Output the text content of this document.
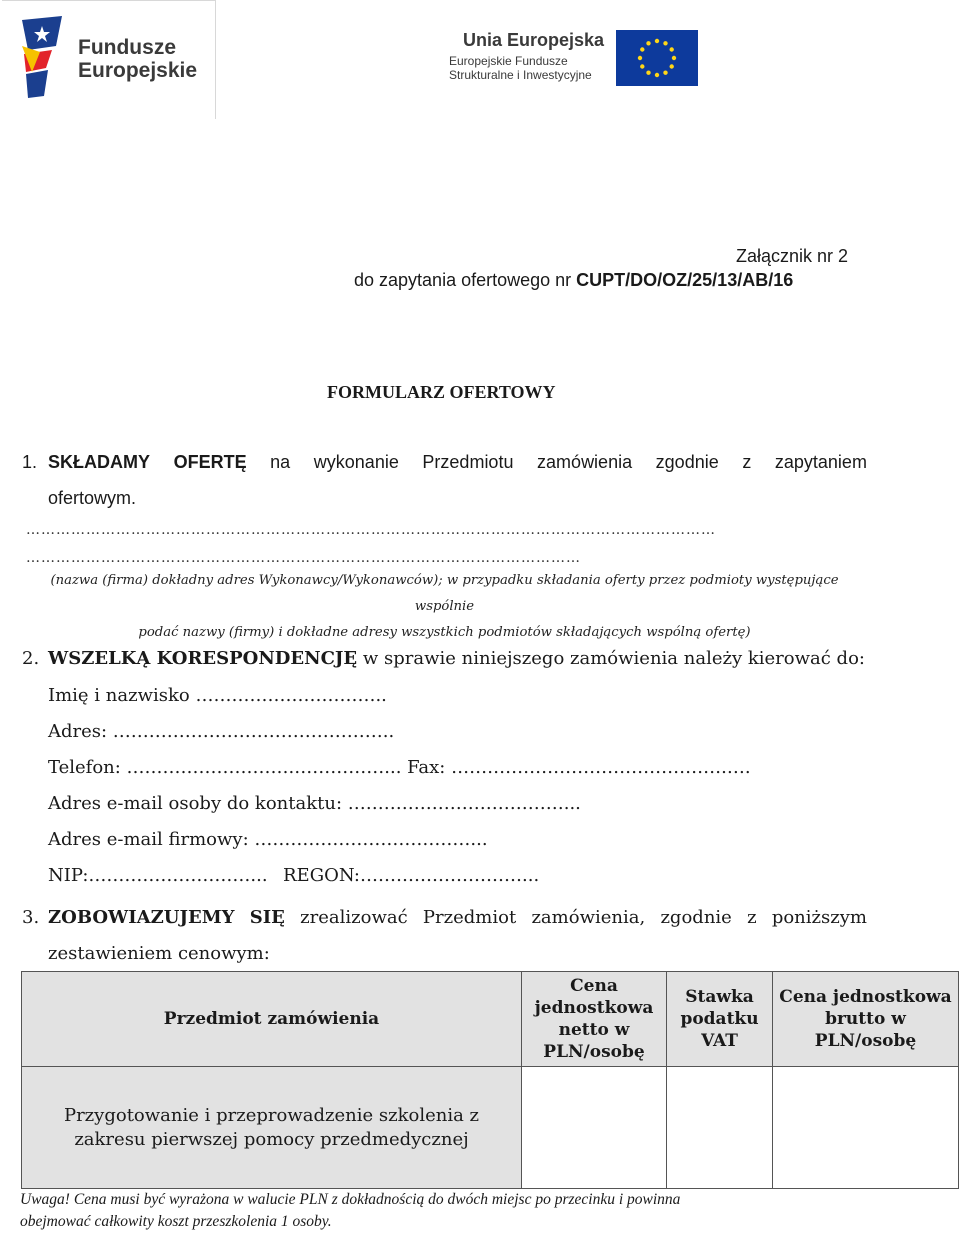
Fundusze
Europejskie
Unia Europejska
Europejskie Fundusze
Strukturalne i Inwestycyjne
Załącznik nr 2
do zapytania ofertowego nr CUPT/DO/OZ/25/13/AB/16
FORMULARZ OFERTOWY
1. SKŁADAMY OFERTĘ na wykonanie Przedmiotu zamówienia zgodnie z zapytaniem
ofertowym.
…………………………………………………………………………………………………………………………
…………………………………………………………………………………………………
(nazwa (firma) dokładny adres Wykonawcy/Wykonawców); w przypadku składania oferty przez podmioty występujące wspólnie
podać nazwy (firmy) i dokładne adresy wszystkich podmiotów składających wspólną ofertę)
2. WSZELKĄ KORESPONDENCJĘ w sprawie niniejszego zamówienia należy kierować do:
Imię i nazwisko …………………………..
Adres: ………………………………………..
Telefon: ……………………….……………... Fax: ……………………………………….….
Adres e-mail osoby do kontaktu: ………………………………...
Adres e-mail firmowy: ………………………………...
NIP:………………………... REGON:………………………...
3. ZOBOWIAZUJEMY SIĘ zrealizować Przedmiot zamówienia, zgodnie z poniższym
zestawieniem cenowym:
Przedmiot zamówienia	Cena jednostkowa netto w PLN/osobę	Stawka podatku VAT	Cena jednostkowa brutto w PLN/osobę

Przygotowanie i przeprowadzenie szkolenia z zakresu pierwszej pomocy przedmedycznej			

Uwaga! Cena musi być wyrażona w walucie PLN z dokładnością do dwóch miejsc po przecinku i powinna
obejmować całkowity koszt przeszkolenia 1 osoby.
